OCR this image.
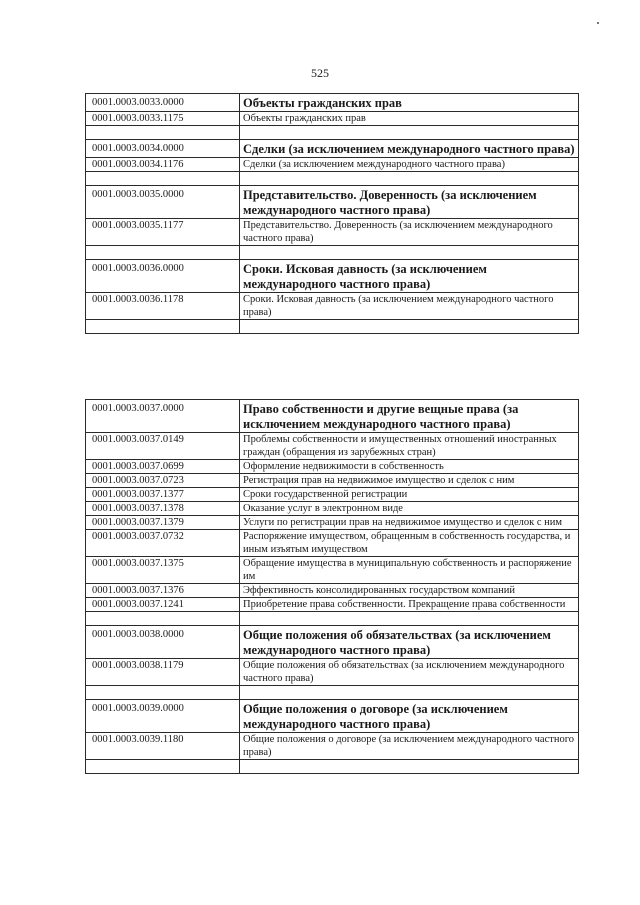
525
0001.0003.0033.0000	Объекты гражданских прав
0001.0003.0033.1175	Объекты гражданских прав

0001.0003.0034.0000	Сделки (за исключением международного частного права)
0001.0003.0034.1176	Сделки (за исключением международного частного права)

0001.0003.0035.0000	Представительство. Доверенность (за исключением международного частного права)
0001.0003.0035.1177	Представительство. Доверенность (за исключением международного частного права)

0001.0003.0036.0000	Сроки. Исковая давность (за исключением международного частного права)
0001.0003.0036.1178	Сроки. Исковая давность (за исключением международного частного права)

0001.0003.0037.0000	Право собственности и другие вещные права (за исключением международного частного права)
0001.0003.0037.0149	Проблемы собственности и имущественных отношений иностранных граждан (обращения из зарубежных стран)
0001.0003.0037.0699	Оформление недвижимости в собственность
0001.0003.0037.0723	Регистрация прав на недвижимое имущество и сделок с ним
0001.0003.0037.1377	Сроки государственной регистрации
0001.0003.0037.1378	Оказание услуг в электронном виде
0001.0003.0037.1379	Услуги по регистрации прав на недвижимое имущество и сделок с ним
0001.0003.0037.0732	Распоряжение имуществом, обращенным в собственность государства, и иным изъятым имуществом
0001.0003.0037.1375	Обращение имущества в муниципальную собственность и распоряжение им
0001.0003.0037.1376	Эффективность консолидированных государством компаний
0001.0003.0037.1241	Приобретение права собственности. Прекращение права собственности

0001.0003.0038.0000	Общие положения об обязательствах (за исключением международного частного права)
0001.0003.0038.1179	Общие положения об обязательствах (за исключением международного частного права)

0001.0003.0039.0000	Общие положения о договоре (за исключением международного частного права)
0001.0003.0039.1180	Общие положения о договоре (за исключением международного частного права)
